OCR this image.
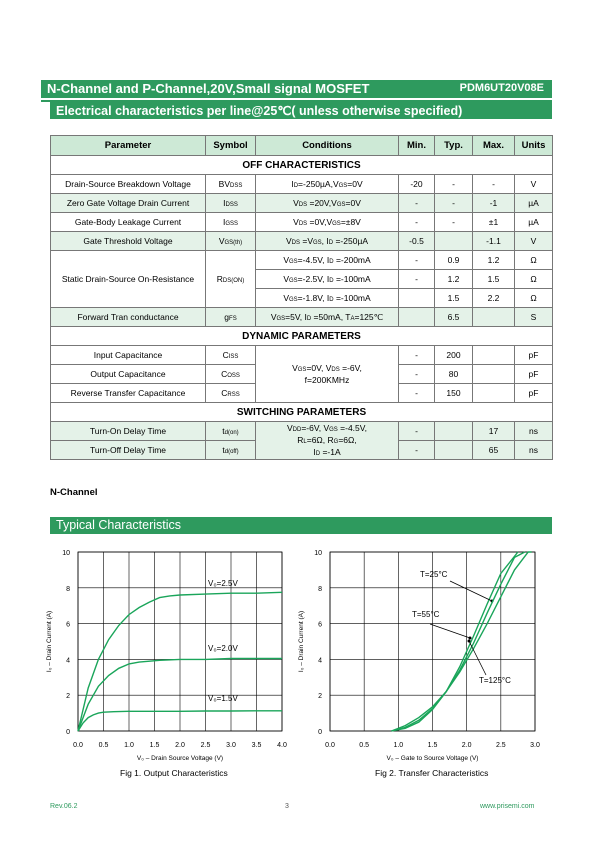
N-Channel and P-Channel,20V,Small signal MOSFET	PDM6UT20V08E
Electrical characteristics per line@25℃( unless otherwise specified)
Parameter	Symbol	Conditions	Min.	Typ.	Max.	Units
OFF CHARACTERISTICS						
Drain-Source Breakdown Voltage	BVDSS	ID=-250µA,VGS=0V	-20	-	-	V
Zero Gate Voltage Drain Current	IDSS	VDS =20V,VGS=0V	-	-	-1	µA
Gate-Body Leakage Current	IGSS	VDS =0V,VGS=±8V	-	-	±1	µA
Gate Threshold Voltage	VGS(th)	VDS =VGS, ID =-250µA	-0.5		-1.1	V
Static Drain-Source On-Resistance	RDS(ON)	VGS=-4.5V, ID =-200mA	-	0.9	1.2	Ω
		VGS=-2.5V, ID =-100mA	-	1.2	1.5	Ω
		VGS=-1.8V, ID =-100mA		1.5	2.2	Ω
Forward Tran conductance	gFS	VGS=5V, ID =50mA, TA=125℃		6.5		S
DYNAMIC PARAMETERS						
Input Capacitance	CISS	VGS=0V, VDS =-6V,
f=200KMHz	-	200		pF
Output Capacitance	COSS		-	80		pF
Reverse Transfer Capacitance	CRSS		-	150		pF
SWITCHING PARAMETERS						
Turn-On Delay Time	td(on)	VDD=-6V, VGS =-4.5V,
RL=6Ω, RG=6Ω,
ID =-1A	-		17	ns
Turn-Off Delay Time	td(off)		-		65	ns
N-Channel
Typical Characteristics
0.0 0.5 1.0 1.5 2.0 2.5 3.0 3.5 4.0
0
2
4
6
8
10
V₀ – Drain Source Voltage (V)
I₀ – Drain Current (A)
V₀=2.5V
V₀=2.0V
V₀=1.5V
0.0	0.5	1.0	1.5	2.0	2.5	3.0
0
2
4
6
8
10
V₀ – Gate to Source Voltage (V)
I₀ – Drain Current (A)
T=25°C
T=55°C
T=125°C
Fig 1. Output Characteristics	Fig 2. Transfer Characteristics
Rev.06.2	3	www.prisemi.com
